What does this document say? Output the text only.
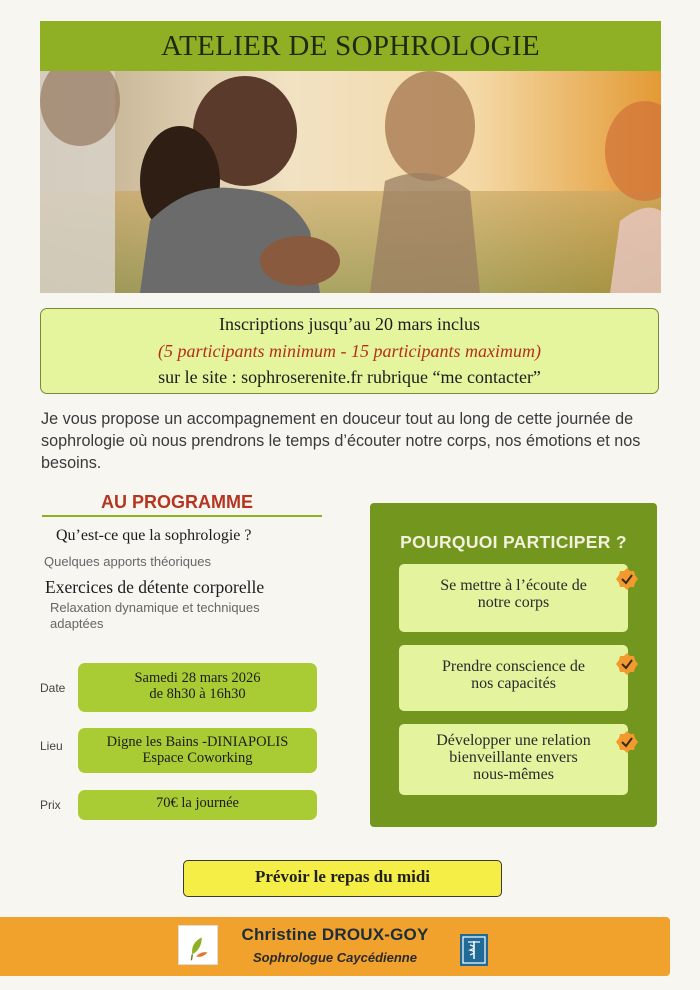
ATELIER DE SOPHROLOGIE
Inscriptions jusqu’au 20 mars inclus
(5 participants minimum - 15 participants maximum)
sur le site : sophroserenite.fr rubrique “me contacter”
Je vous propose un accompagnement en douceur tout au long de cette journée de sophrologie où nous prendrons le temps d’écouter notre corps, nos émotions et nos besoins.
AU PROGRAMME
Qu’est-ce que la sophrologie ?
Quelques apports théoriques
Exercices de détente corporelle
Relaxation dynamique et techniques adaptées
Date
Samedi 28 mars 2026
de 8h30 à 16h30
Lieu	Digne les Bains -DINIAPOLIS
Espace Coworking
Prix	70€ la journée
POURQUOI PARTICIPER ?
Se mettre à l’écoute de
notre corps
Prendre conscience de
nos capacités
Développer une relation
bienveillante envers
nous-mêmes
Prévoir le repas du midi
Christine DROUX-GOY
Sophrologue Caycédienne
